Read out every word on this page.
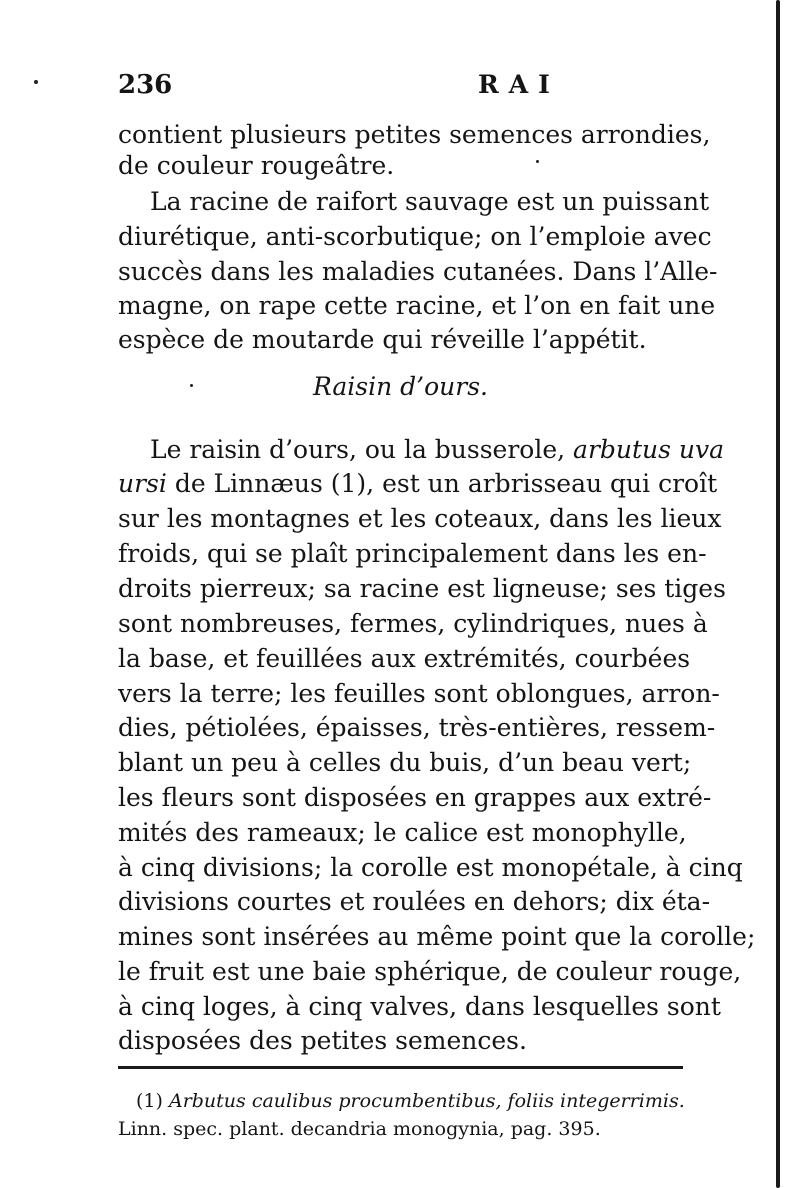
236	RAI
contient plusieurs petites semences arrondies,
de couleur rougeâtre.
La racine de raifort sauvage est un puissant
diurétique, anti-scorbutique; on l’emploie avec
succès dans les maladies cutanées. Dans l’Alle-
magne, on rape cette racine, et l’on en fait une
espèce de moutarde qui réveille l’appétit.
Raisin d’ours.
Le raisin d’ours, ou la busserole, arbutus uva
ursi de Linnæus (1), est un arbrisseau qui croît
sur les montagnes et les coteaux, dans les lieux
froids, qui se plaît principalement dans les en-
droits pierreux; sa racine est ligneuse; ses tiges
sont nombreuses, fermes, cylindriques, nues à
la base, et feuillées aux extrémités, courbées
vers la terre; les feuilles sont oblongues, arron-
dies, pétiolées, épaisses, très-entières, ressem-
blant un peu à celles du buis, d’un beau vert;
les fleurs sont disposées en grappes aux extré-
mités des rameaux; le calice est monophylle,
à cinq divisions; la corolle est monopétale, à cinq
divisions courtes et roulées en dehors; dix éta-
mines sont insérées au même point que la corolle;
le fruit est une baie sphérique, de couleur rouge,
à cinq loges, à cinq valves, dans lesquelles sont
disposées des petites semences.
(1) Arbutus caulibus procumbentibus, foliis integerrimis.
Linn. spec. plant. decandria monogynia, pag. 395.
